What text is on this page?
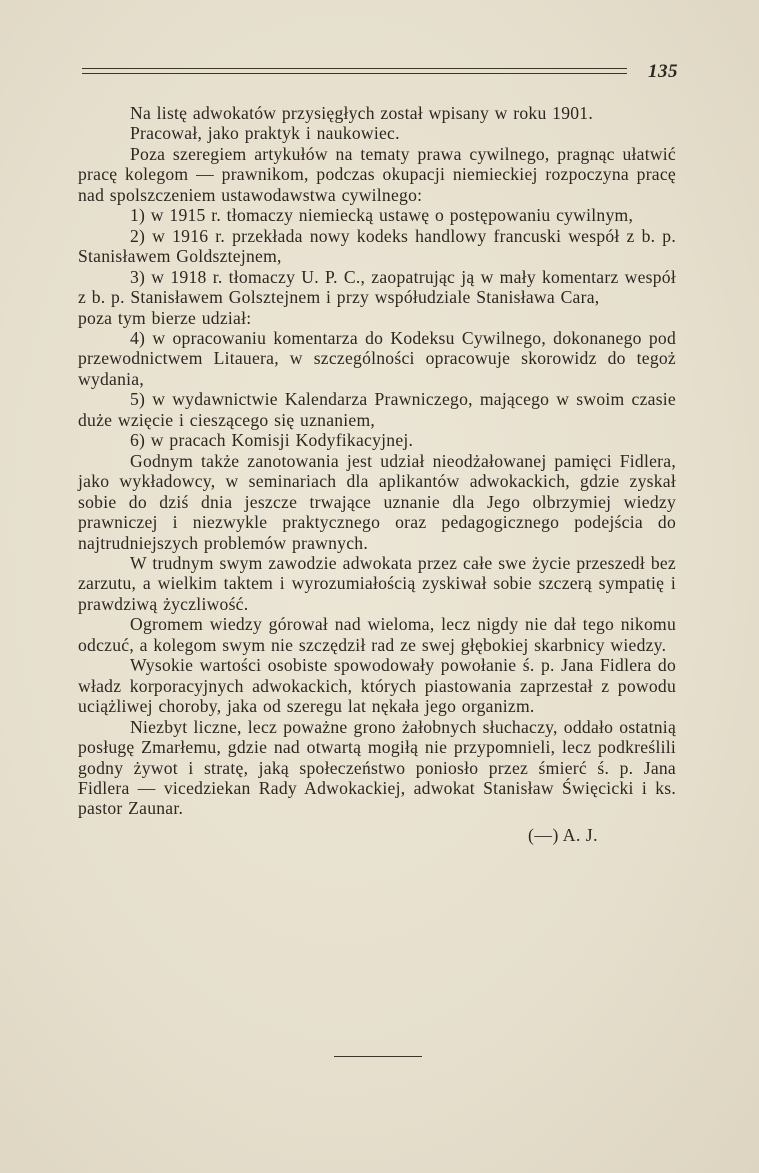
135

Na listę adwokatów przysięgłych został wpisany w roku 1901.

Pracował, jako praktyk i naukowiec.

Poza szeregiem artykułów na tematy prawa cywilnego, pragnąc ułatwić pracę kolegom — prawnikom, podczas okupacji niemieckiej rozpoczyna pracę nad spolszczeniem ustawodawstwa cywilnego:

1) w 1915 r. tłomaczy niemiecką ustawę o postępowaniu cywilnym,

2) w 1916 r. przekłada nowy kodeks handlowy francuski wespół z b. p. Stanisławem Goldsztejnem,

3) w 1918 r. tłomaczy U. P. C., zaopatrując ją w mały komentarz wespół z b. p. Stanisławem Golsztejnem i przy współudziale Stanisława Cara,

poza tym bierze udział:

4) w opracowaniu komentarza do Kodeksu Cywilnego, dokonanego pod przewodnictwem Litauera, w szczególności opracowuje skorowidz do tegoż wydania,

5) w wydawnictwie Kalendarza Prawniczego, mającego w swoim czasie duże wzięcie i cieszącego się uznaniem,

6) w pracach Komisji Kodyfikacyjnej.

Godnym także zanotowania jest udział nieodżałowanej pamięci Fidlera, jako wykładowcy, w seminariach dla aplikantów adwokackich, gdzie zyskał sobie do dziś dnia jeszcze trwające uznanie dla Jego olbrzymiej wiedzy prawniczej i niezwykle praktycznego oraz pedagogicznego podejścia do najtrudniejszych problemów prawnych.

W trudnym swym zawodzie adwokata przez całe swe życie przeszedł bez zarzutu, a wielkim taktem i wyrozumiałością zyskiwał sobie szczerą sympatię i prawdziwą życzliwość.

Ogromem wiedzy górował nad wieloma, lecz nigdy nie dał tego nikomu odczuć, a kolegom swym nie szczędził rad ze swej głębokiej skarbnicy wiedzy.

Wysokie wartości osobiste spowodowały powołanie ś. p. Jana Fidlera do władz korporacyjnych adwokackich, których piastowania zaprzestał z powodu uciążliwej choroby, jaka od szeregu lat nękała jego organizm.

Niezbyt liczne, lecz poważne grono żałobnych słuchaczy, oddało ostatnią posługę Zmarłemu, gdzie nad otwartą mogiłą nie przypomnieli, lecz podkreślili godny żywot i stratę, jaką społeczeństwo poniosło przez śmierć ś. p. Jana Fidlera — vicedziekan Rady Adwokackiej, adwokat Stanisław Święcicki i ks. pastor Zaunar.

(—) A. J.
